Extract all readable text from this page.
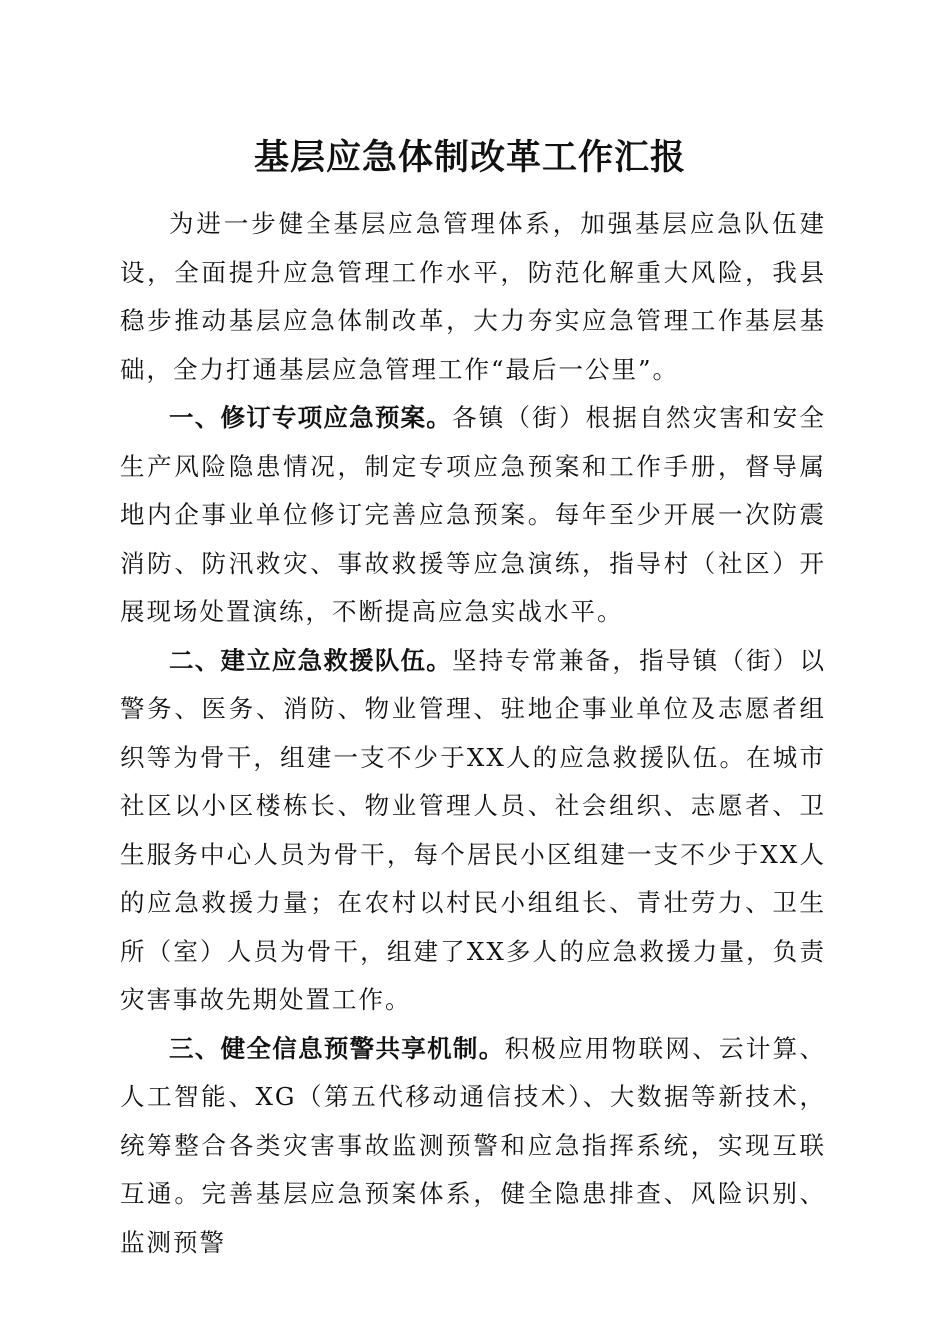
基层应急体制改革工作汇报

为进一步健全基层应急管理体系，加强基层应急队伍建设，全面提升应急管理工作水平，防范化解重大风险，我县稳步推动基层应急体制改革，大力夯实应急管理工作基层基础，全力打通基层应急管理工作“最后一公里”。

一、修订专项应急预案。各镇（街）根据自然灾害和安全生产风险隐患情况，制定专项应急预案和工作手册，督导属地内企事业单位修订完善应急预案。每年至少开展一次防震消防、防汛救灾、事故救援等应急演练，指导村（社区）开展现场处置演练，不断提高应急实战水平。

二、建立应急救援队伍。坚持专常兼备，指导镇（街）以警务、医务、消防、物业管理、驻地企事业单位及志愿者组织等为骨干，组建一支不少于XX人的应急救援队伍。在城市社区以小区楼栋长、物业管理人员、社会组织、志愿者、卫生服务中心人员为骨干，每个居民小区组建一支不少于XX人的应急救援力量；在农村以村民小组组长、青壮劳力、卫生所（室）人员为骨干，组建了XX多人的应急救援力量，负责灾害事故先期处置工作。

三、健全信息预警共享机制。积极应用物联网、云计算、人工智能、XG（第五代移动通信技术）、大数据等新技术，统筹整合各类灾害事故监测预警和应急指挥系统，实现互联互通。完善基层应急预案体系，健全隐患排查、风险识别、监测预警
